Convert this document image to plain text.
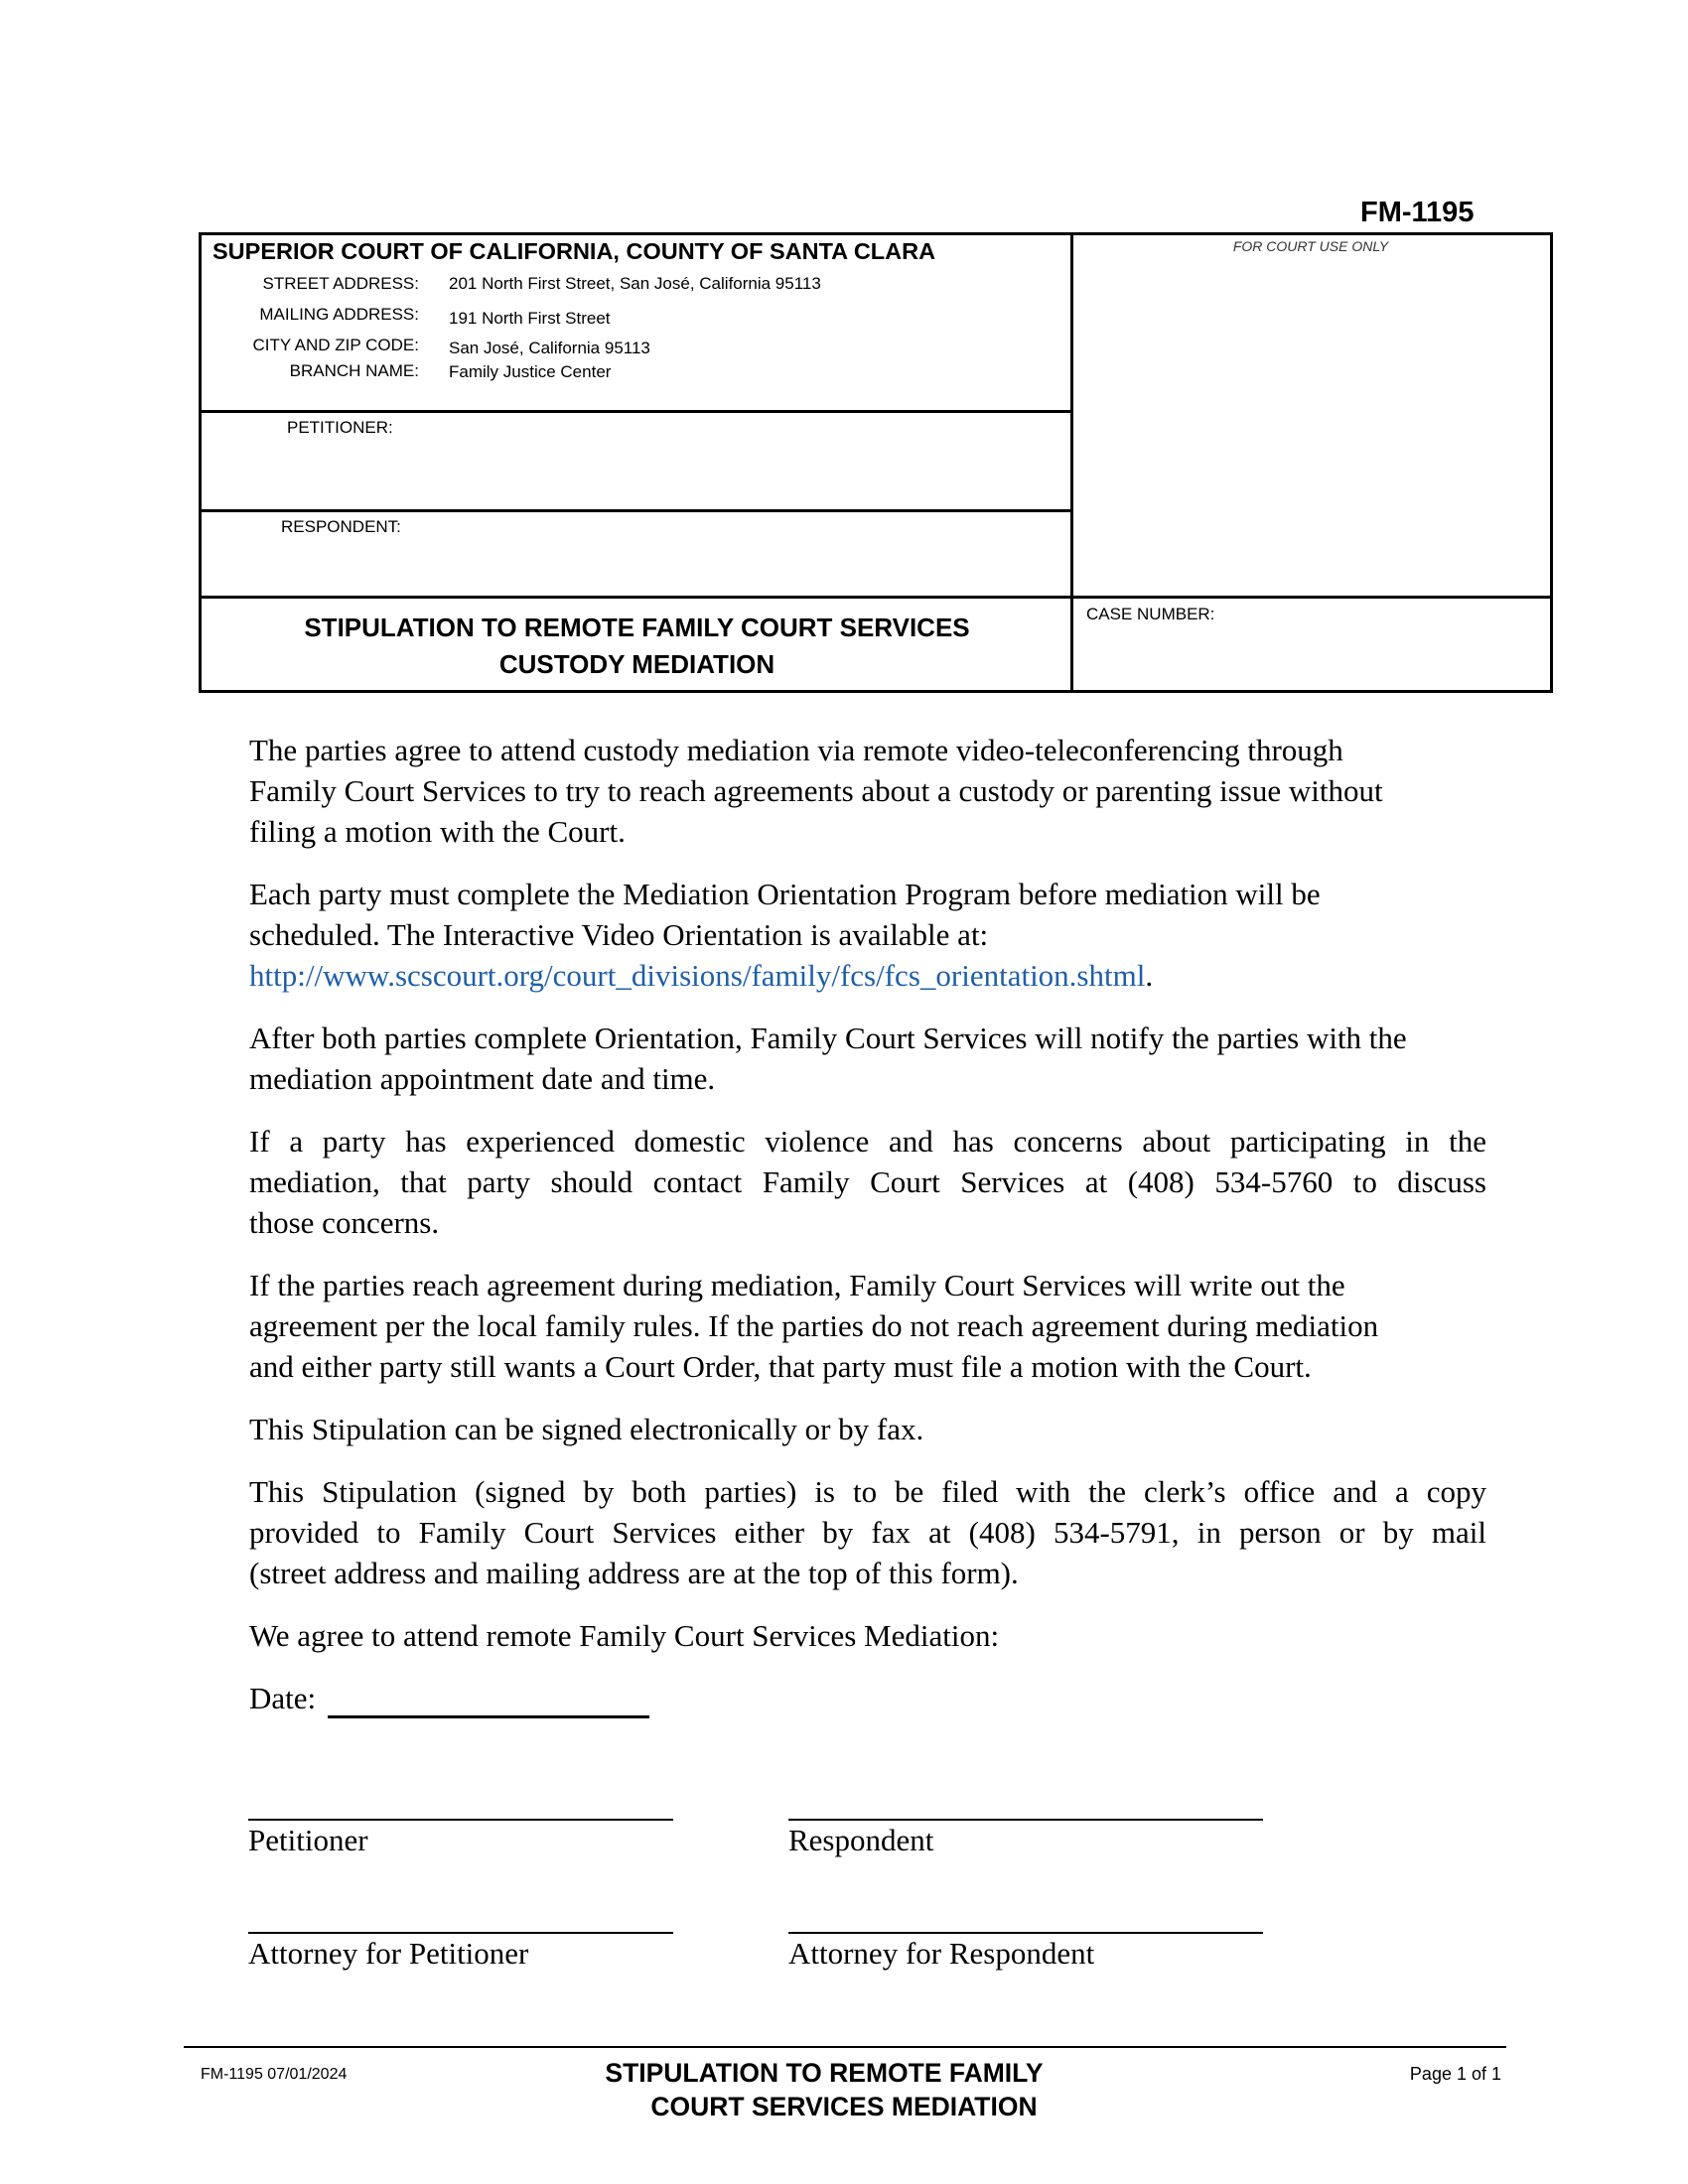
FM-1195
SUPERIOR COURT OF CALIFORNIA, COUNTY OF SANTA CLARA
STREET ADDRESS: 201 North First Street, San José, California 95113
MAILING ADDRESS: 191 North First Street
CITY AND ZIP CODE: San José, California 95113
BRANCH NAME: Family Justice Center
FOR COURT USE ONLY
PETITIONER:
RESPONDENT:
STIPULATION TO REMOTE FAMILY COURT SERVICES
CUSTODY MEDIATION
CASE NUMBER:
The parties agree to attend custody mediation via remote video-teleconferencing through
Family Court Services to try to reach agreements about a custody or parenting issue without
filing a motion with the Court.
Each party must complete the Mediation Orientation Program before mediation will be
scheduled. The Interactive Video Orientation is available at:
http://www.scscourt.org/court_divisions/family/fcs/fcs_orientation.shtml.
After both parties complete Orientation, Family Court Services will notify the parties with the
mediation appointment date and time.
If a party has experienced domestic violence and has concerns about participating in the
mediation, that party should contact Family Court Services at (408) 534-5760 to discuss
those concerns.
If the parties reach agreement during mediation, Family Court Services will write out the
agreement per the local family rules. If the parties do not reach agreement during mediation
and either party still wants a Court Order, that party must file a motion with the Court.
This Stipulation can be signed electronically or by fax.
This Stipulation (signed by both parties) is to be filed with the clerk’s office and a copy
provided to Family Court Services either by fax at (408) 534-5791, in person or by mail
(street address and mailing address are at the top of this form).
We agree to attend remote Family Court Services Mediation:
Date:
Petitioner	Respondent
Attorney for Petitioner	Attorney for Respondent
FM-1195 07/01/2024	STIPULATION TO REMOTE FAMILY
COURT SERVICES MEDIATION
Page 1 of 1
